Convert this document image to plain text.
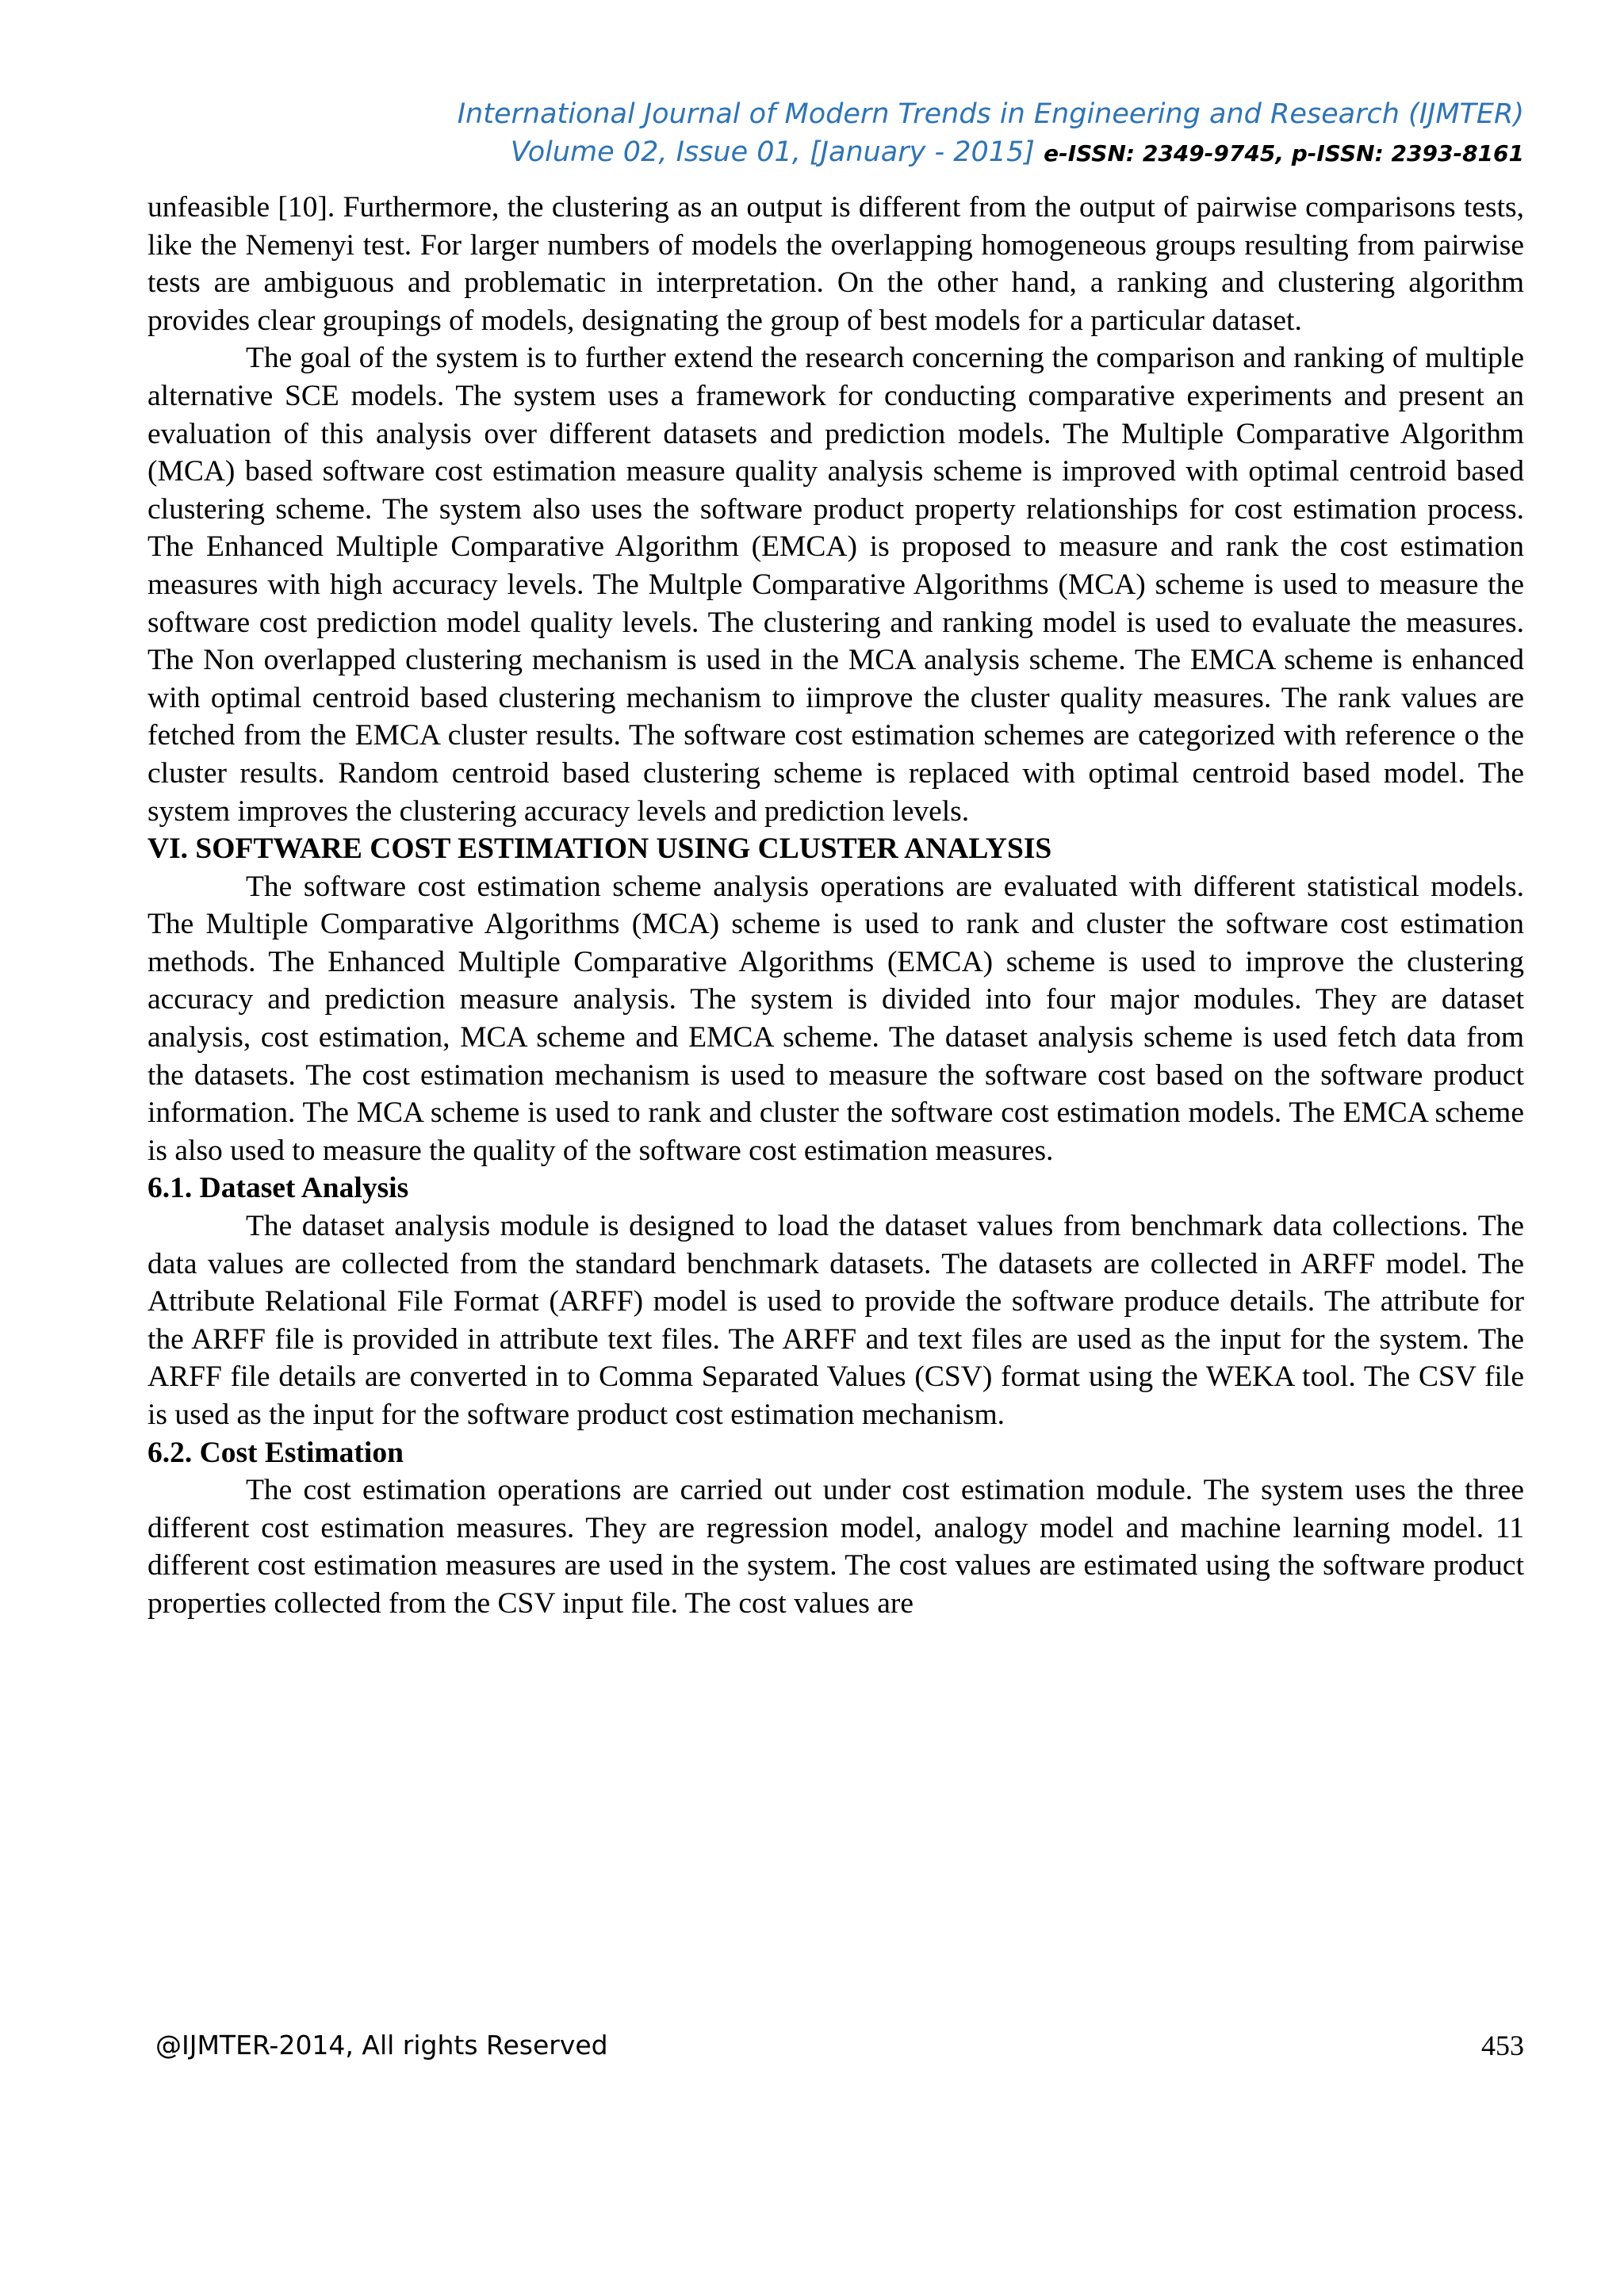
International Journal of Modern Trends in Engineering and Research (IJMTER)
Volume 02, Issue 01, [January - 2015] e-ISSN: 2349-9745, p-ISSN: 2393-8161

unfeasible [10]. Furthermore, the clustering as an output is different from the output of pairwise comparisons tests, like the Nemenyi test. For larger numbers of models the overlapping homogeneous groups resulting from pairwise tests are ambiguous and problematic in interpretation. On the other hand, a ranking and clustering algorithm provides clear groupings of models, designating the group of best models for a particular dataset.

The goal of the system is to further extend the research concerning the comparison and ranking of multiple alternative SCE models. The system uses a framework for conducting comparative experiments and present an evaluation of this analysis over different datasets and prediction models. The Multiple Comparative Algorithm (MCA) based software cost estimation measure quality analysis scheme is improved with optimal centroid based clustering scheme. The system also uses the software product property relationships for cost estimation process. The Enhanced Multiple Comparative Algorithm (EMCA) is proposed to measure and rank the cost estimation measures with high accuracy levels. The Multple Comparative Algorithms (MCA) scheme is used to measure the software cost prediction model quality levels. The clustering and ranking model is used to evaluate the measures. The Non overlapped clustering mechanism is used in the MCA analysis scheme. The EMCA scheme is enhanced with optimal centroid based clustering mechanism to iimprove the cluster quality measures. The rank values are fetched from the EMCA cluster results. The software cost estimation schemes are categorized with reference o the cluster results. Random centroid based clustering scheme is replaced with optimal centroid based model. The system improves the clustering accuracy levels and prediction levels.

VI. SOFTWARE COST ESTIMATION USING CLUSTER ANALYSIS

The software cost estimation scheme analysis operations are evaluated with different statistical models. The Multiple Comparative Algorithms (MCA) scheme is used to rank and cluster the software cost estimation methods. The Enhanced Multiple Comparative Algorithms (EMCA) scheme is used to improve the clustering accuracy and prediction measure analysis. The system is divided into four major modules. They are dataset analysis, cost estimation, MCA scheme and EMCA scheme. The dataset analysis scheme is used fetch data from the datasets. The cost estimation mechanism is used to measure the software cost based on the software product information. The MCA scheme is used to rank and cluster the software cost estimation models. The EMCA scheme is also used to measure the quality of the software cost estimation measures.

6.1. Dataset Analysis

The dataset analysis module is designed to load the dataset values from benchmark data collections. The data values are collected from the standard benchmark datasets. The datasets are collected in ARFF model. The Attribute Relational File Format (ARFF) model is used to provide the software produce details. The attribute for the ARFF file is provided in attribute text files. The ARFF and text files are used as the input for the system. The ARFF file details are converted in to Comma Separated Values (CSV) format using the WEKA tool. The CSV file is used as the input for the software product cost estimation mechanism.

6.2. Cost Estimation

The cost estimation operations are carried out under cost estimation module. The system uses the three different cost estimation measures. They are regression model, analogy model and machine learning model. 11 different cost estimation measures are used in the system. The cost values are estimated using the software product properties collected from the CSV input file. The cost values are

@IJMTER-2014, All rights Reserved	453
